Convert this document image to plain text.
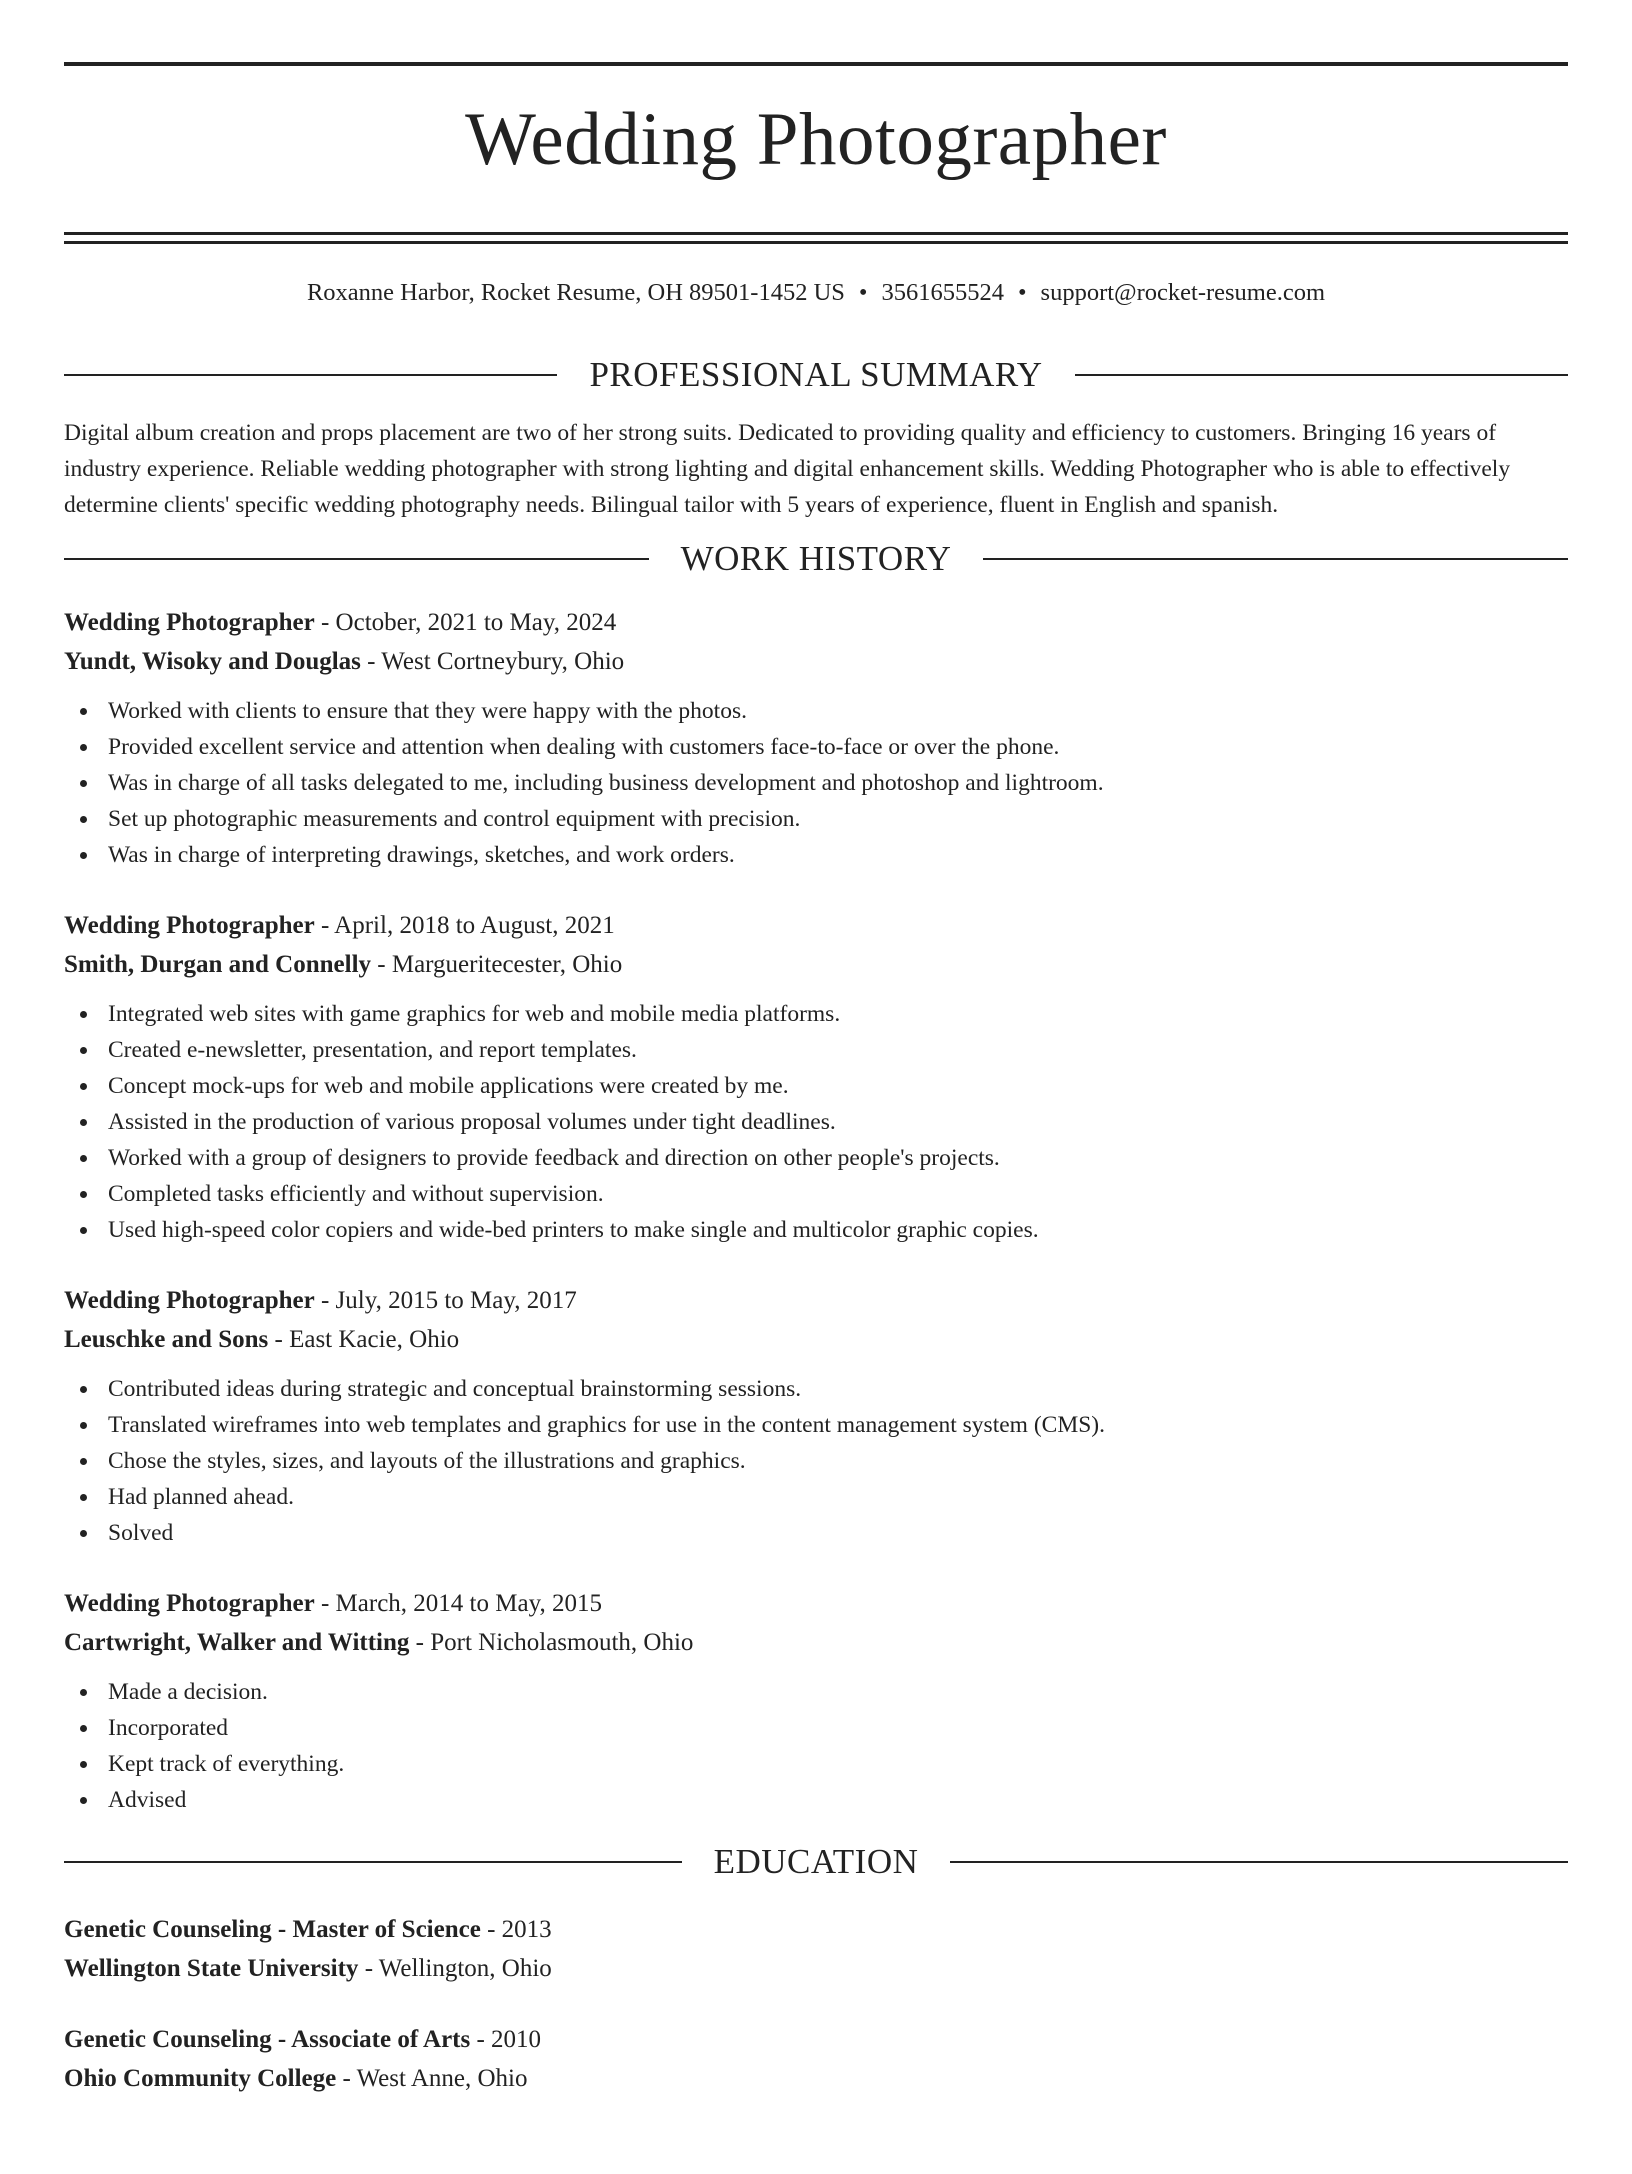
Wedding Photographer
Roxanne Harbor, Rocket Resume, OH 89501-1452 US • 3561655524 • support@rocket-resume.com
PROFESSIONAL SUMMARY
Digital album creation and props placement are two of her strong suits. Dedicated to providing quality and efficiency to customers. Bringing 16 years of industry experience. Reliable wedding photographer with strong lighting and digital enhancement skills. Wedding Photographer who is able to effectively determine clients' specific wedding photography needs. Bilingual tailor with 5 years of experience, fluent in English and spanish.
WORK HISTORY
Wedding Photographer - October, 2021 to May, 2024
Yundt, Wisoky and Douglas - West Cortneybury, Ohio
Worked with clients to ensure that they were happy with the photos.
Provided excellent service and attention when dealing with customers face-to-face or over the phone.
Was in charge of all tasks delegated to me, including business development and photoshop and lightroom.
Set up photographic measurements and control equipment with precision.
Was in charge of interpreting drawings, sketches, and work orders.
Wedding Photographer - April, 2018 to August, 2021
Smith, Durgan and Connelly - Margueritecester, Ohio
Integrated web sites with game graphics for web and mobile media platforms.
Created e-newsletter, presentation, and report templates.
Concept mock-ups for web and mobile applications were created by me.
Assisted in the production of various proposal volumes under tight deadlines.
Worked with a group of designers to provide feedback and direction on other people's projects.
Completed tasks efficiently and without supervision.
Used high-speed color copiers and wide-bed printers to make single and multicolor graphic copies.
Wedding Photographer - July, 2015 to May, 2017
Leuschke and Sons - East Kacie, Ohio
Contributed ideas during strategic and conceptual brainstorming sessions.
Translated wireframes into web templates and graphics for use in the content management system (CMS).
Chose the styles, sizes, and layouts of the illustrations and graphics.
Had planned ahead.
Solved
Wedding Photographer - March, 2014 to May, 2015
Cartwright, Walker and Witting - Port Nicholasmouth, Ohio
Made a decision.
Incorporated
Kept track of everything.
Advised
EDUCATION
Genetic Counseling - Master of Science - 2013
Wellington State University - Wellington, Ohio
Genetic Counseling - Associate of Arts - 2010
Ohio Community College - West Anne, Ohio
